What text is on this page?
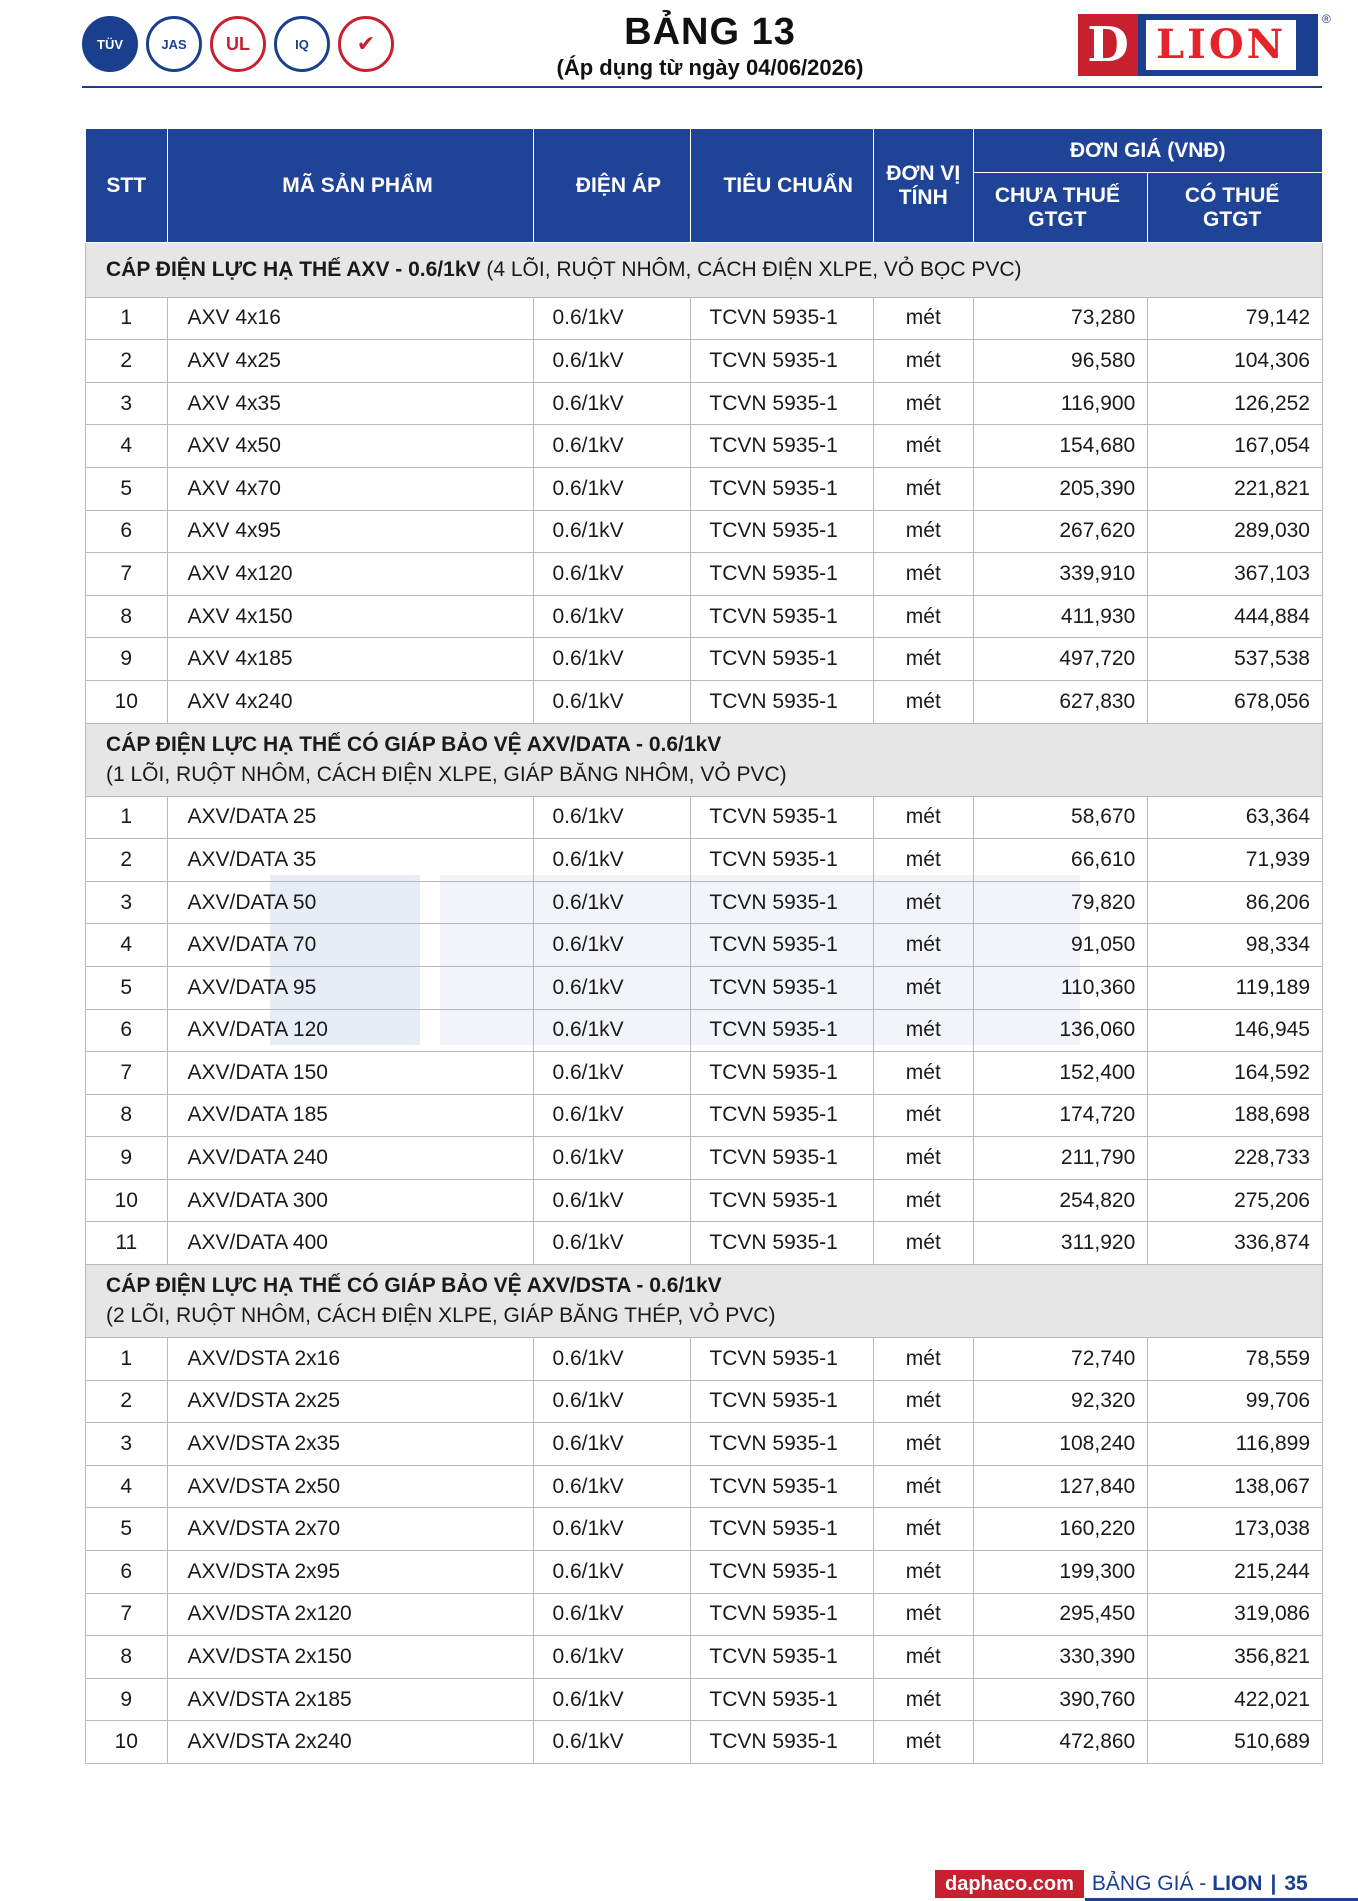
TÜV	JAS	UL	IQ	✔	BẢNG 13
(Áp dụng từ ngày 04/06/2026)	D LION
®
STT	MÃ SẢN PHẨM	ĐIỆN ÁP	TIÊU CHUẨN	ĐƠN VỊ TÍNH	ĐƠN GIÁ (VNĐ)	
					CHƯA THUẾ GTGT	CÓ THUẾ GTGT
CÁP ĐIỆN LỰC HẠ THẾ AXV - 0.6/1kV (4 LÕI, RUỘT NHÔM, CÁCH ĐIỆN XLPE, VỎ BỌC PVC)						
1	AXV 4x16	0.6/1kV	TCVN 5935-1	mét	73,280	79,142
2	AXV 4x25	0.6/1kV	TCVN 5935-1	mét	96,580	104,306
3	AXV 4x35	0.6/1kV	TCVN 5935-1	mét	116,900	126,252
4	AXV 4x50	0.6/1kV	TCVN 5935-1	mét	154,680	167,054
5	AXV 4x70	0.6/1kV	TCVN 5935-1	mét	205,390	221,821
6	AXV 4x95	0.6/1kV	TCVN 5935-1	mét	267,620	289,030
7	AXV 4x120	0.6/1kV	TCVN 5935-1	mét	339,910	367,103
8	AXV 4x150	0.6/1kV	TCVN 5935-1	mét	411,930	444,884
9	AXV 4x185	0.6/1kV	TCVN 5935-1	mét	497,720	537,538
10	AXV 4x240	0.6/1kV	TCVN 5935-1	mét	627,830	678,056
CÁP ĐIỆN LỰC HẠ THẾ CÓ GIÁP BẢO VỆ AXV/DATA - 0.6/1kV
(1 LÕI, RUỘT NHÔM, CÁCH ĐIỆN XLPE, GIÁP BĂNG NHÔM, VỎ PVC)						
1	AXV/DATA 25	0.6/1kV	TCVN 5935-1	mét	58,670	63,364
2	AXV/DATA 35	0.6/1kV	TCVN 5935-1	mét	66,610	71,939
3	AXV/DATA 50	0.6/1kV	TCVN 5935-1	mét	79,820	86,206
4	AXV/DATA 70	0.6/1kV	TCVN 5935-1	mét	91,050	98,334
5	AXV/DATA 95	0.6/1kV	TCVN 5935-1	mét	110,360	119,189
6	AXV/DATA 120	0.6/1kV	TCVN 5935-1	mét	136,060	146,945
7	AXV/DATA 150	0.6/1kV	TCVN 5935-1	mét	152,400	164,592
8	AXV/DATA 185	0.6/1kV	TCVN 5935-1	mét	174,720	188,698
9	AXV/DATA 240	0.6/1kV	TCVN 5935-1	mét	211,790	228,733
10	AXV/DATA 300	0.6/1kV	TCVN 5935-1	mét	254,820	275,206
11	AXV/DATA 400	0.6/1kV	TCVN 5935-1	mét	311,920	336,874
CÁP ĐIỆN LỰC HẠ THẾ CÓ GIÁP BẢO VỆ AXV/DSTA - 0.6/1kV
(2 LÕI, RUỘT NHÔM, CÁCH ĐIỆN XLPE, GIÁP BĂNG THÉP, VỎ PVC)						
1	AXV/DSTA 2x16	0.6/1kV	TCVN 5935-1	mét	72,740	78,559
2	AXV/DSTA 2x25	0.6/1kV	TCVN 5935-1	mét	92,320	99,706
3	AXV/DSTA 2x35	0.6/1kV	TCVN 5935-1	mét	108,240	116,899
4	AXV/DSTA 2x50	0.6/1kV	TCVN 5935-1	mét	127,840	138,067
5	AXV/DSTA 2x70	0.6/1kV	TCVN 5935-1	mét	160,220	173,038
6	AXV/DSTA 2x95	0.6/1kV	TCVN 5935-1	mét	199,300	215,244
7	AXV/DSTA 2x120	0.6/1kV	TCVN 5935-1	mét	295,450	319,086
8	AXV/DSTA 2x150	0.6/1kV	TCVN 5935-1	mét	330,390	356,821
9	AXV/DSTA 2x185	0.6/1kV	TCVN 5935-1	mét	390,760	422,021
10	AXV/DSTA 2x240	0.6/1kV	TCVN 5935-1	mét	472,860	510,689
daphaco.com BẢNG GIÁ - LION | 35
